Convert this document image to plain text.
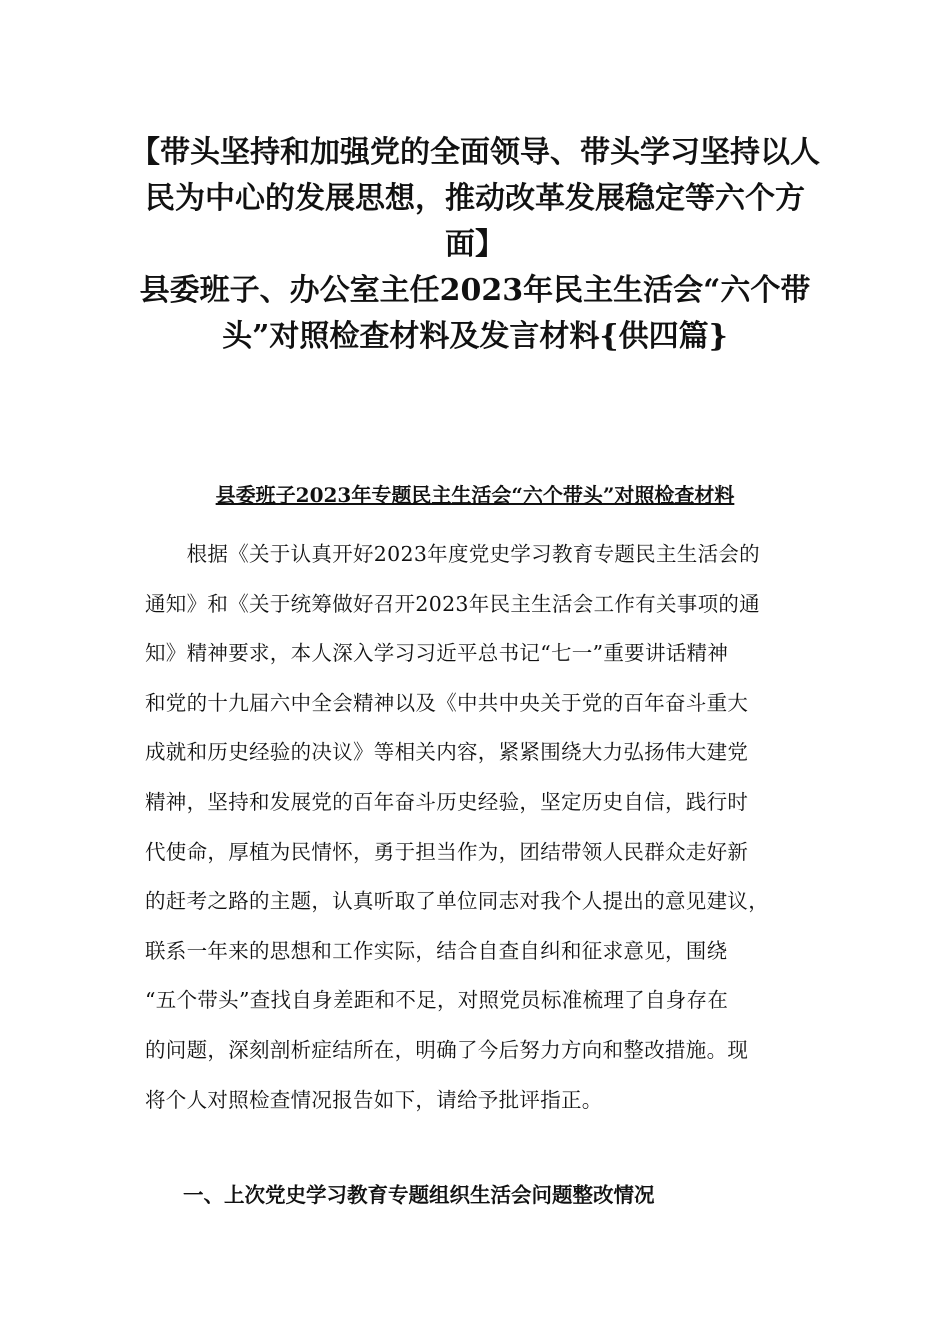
【带头坚持和加强党的全面领导、带头学习坚持以人
民为中心的发展思想，推动改革发展稳定等六个方
面】
县委班子、办公室主任2023年民主生活会“六个带
头”对照检查材料及发言材料{供四篇}
县委班子2023年专题民主生活会“六个带头”对照检查材料
　　根据《关于认真开好2023年度党史学习教育专题民主生活会的
通知》和《关于统筹做好召开2023年民主生活会工作有关事项的通
知》精神要求，本人深入学习习近平总书记“七一”重要讲话精神
和党的十九届六中全会精神以及《中共中央关于党的百年奋斗重大
成就和历史经验的决议》等相关内容，紧紧围绕大力弘扬伟大建党
精神，坚持和发展党的百年奋斗历史经验，坚定历史自信，践行时
代使命，厚植为民情怀，勇于担当作为，团结带领人民群众走好新
的赶考之路的主题，认真听取了单位同志对我个人提出的意见建议，
联系一年来的思想和工作实际，结合自查自纠和征求意见，围绕
“五个带头”查找自身差距和不足，对照党员标准梳理了自身存在
的问题，深刻剖析症结所在，明确了今后努力方向和整改措施。现
将个人对照检查情况报告如下，请给予批评指正。
一、上次党史学习教育专题组织生活会问题整改情况
